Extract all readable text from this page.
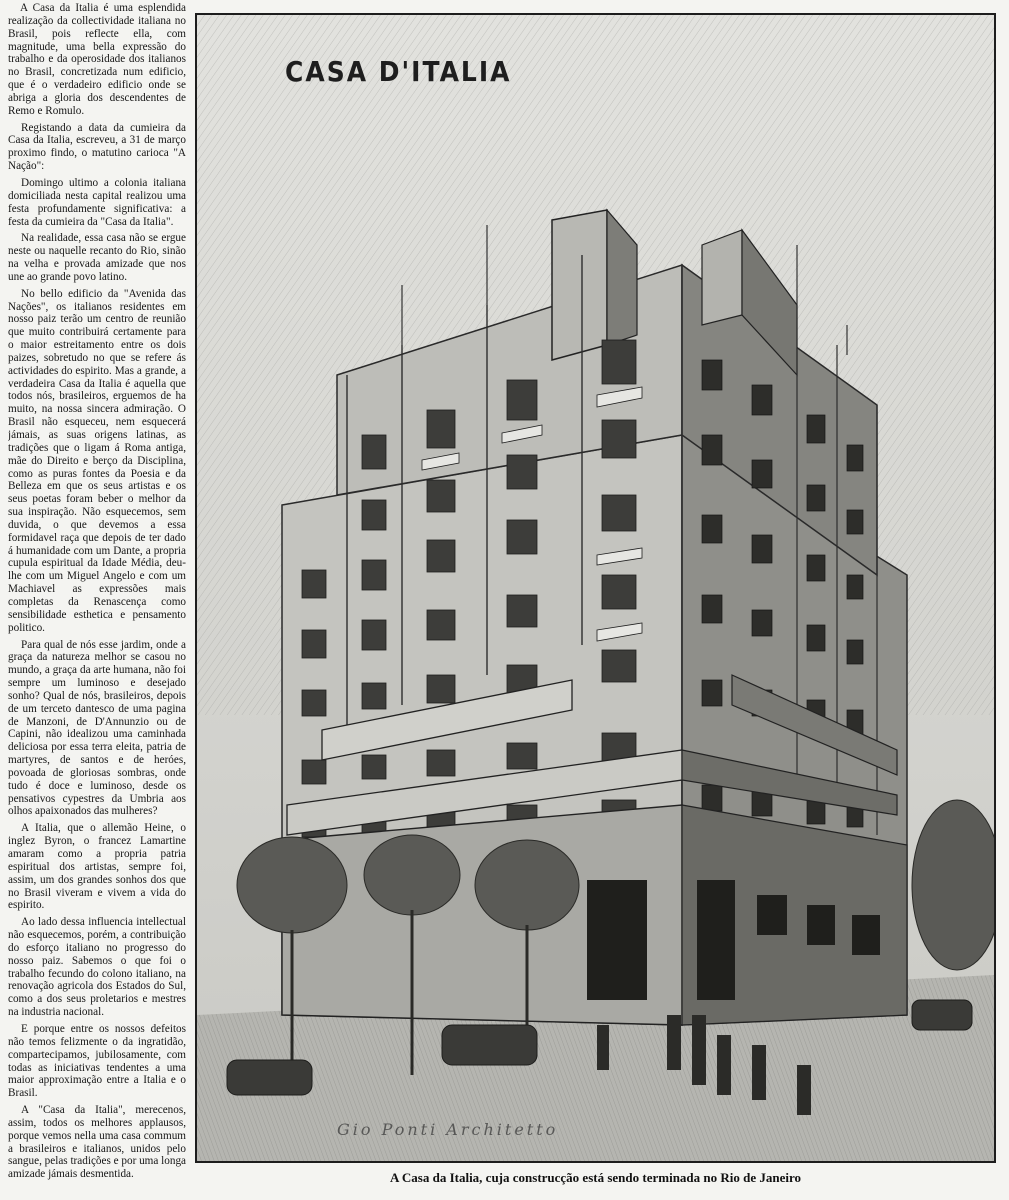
A Casa da Italia é uma esplendida realização da collectividade italiana no Brasil, pois reflecte ella, com magnitude, uma bella expressão do trabalho e da operosidade dos italianos no Brasil, concretizada num edificio, que é o verdadeiro edificio onde se abriga a gloria dos descendentes de Remo e Romulo.

Registando a data da cumieira da Casa da Italia, escreveu, a 31 de março proximo findo, o matutino carioca "A Nação":

Domingo ultimo a colonia italiana domiciliada nesta capital realizou uma festa profundamente significativa: a festa da cumieira da "Casa da Italia".

Na realidade, essa casa não se ergue neste ou naquelle recanto do Rio, sinão na velha e provada amizade que nos une ao grande povo latino.

No bello edificio da "Avenida das Nações", os italianos residentes em nosso paiz terão um centro de reunião que muito contribuirá certamente para o maior estreitamento entre os dois paizes, sobretudo no que se refere ás actividades do espirito. Mas a grande, a verdadeira Casa da Italia é aquella que todos nós, brasileiros, erguemos de ha muito, na nossa sincera admiração. O Brasil não esqueceu, nem esquecerá jámais, as suas origens latinas, as tradições que o ligam á Roma antiga, mãe do Direito e berço da Disciplina, como as puras fontes da Poesia e da Belleza em que os seus artistas e os seus poetas foram beber o melhor da sua inspiração. Não esquecemos, sem duvida, o que devemos a essa formidavel raça que depois de ter dado á humanidade com um Dante, a propria cupula espiritual da Idade Média, deu-lhe com um Miguel Angelo e com um Machiavel as expressões mais completas da Renascença como sensibilidade esthetica e pensamento politico.

Para qual de nós esse jardim, onde a graça da natureza melhor se casou no mundo, a graça da arte humana, não foi sempre um luminoso e desejado sonho? Qual de nós, brasileiros, depois de um terceto dantesco de uma pagina de Manzoni, de D'Annunzio ou de Capini, não idealizou uma caminhada deliciosa por essa terra eleita, patria de martyres, de santos e de heróes, povoada de gloriosas sombras, onde tudo é doce e luminoso, desde os pensativos cypestres da Umbria aos olhos apaixonados das mulheres?

A Italia, que o allemão Heine, o inglez Byron, o francez Lamartine amaram como a propria patria espiritual dos artistas, sempre foi, assim, um dos grandes sonhos dos que no Brasil viveram e vivem a vida do espirito.

Ao lado dessa influencia intellectual não esquecemos, porém, a contribuição do esforço italiano no progresso do nosso paiz. Sabemos o que foi o trabalho fecundo do colono italiano, na renovação agricola dos Estados do Sul, como a dos seus proletarios e mestres na industria nacional.

E porque entre os nossos defeitos não temos felizmente o da ingratidão, compartecipamos, jubilosamente, com todas as iniciativas tendentes a uma maior approximação entre a Italia e o Brasil.

A "Casa da Italia", merecenos, assim, todos os melhores applausos, porque vemos nella uma casa commum a brasileiros e italianos, unidos pelo sangue, pelas tradições e por uma longa amizade jámais desmentida.

CASA D'ITALIA
Gio Ponti Architetto
A Casa da Italia, cuja construcção está sendo terminada no Rio de Janeiro
